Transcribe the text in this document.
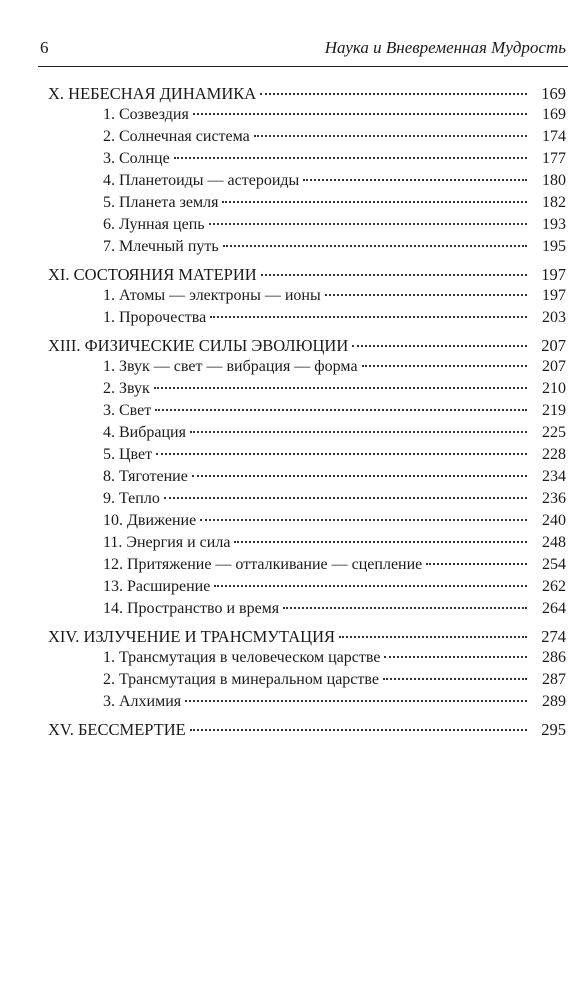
6	Наука и Вневременная Мудрость
X. НЕБЕСНАЯ ДИНАМИКА	169
1. Созвездия	169
2. Солнечная система	174
3. Солнце	177
4. Планетоиды — астероиды	180
5. Планета земля	182
6. Лунная цепь	193
7. Млечный путь	195
XI. СОСТОЯНИЯ МАТЕРИИ	197
1. Атомы — электроны — ионы	197
1. Пророчества	203
XIII. ФИЗИЧЕСКИЕ СИЛЫ ЭВОЛЮЦИИ	207
1. Звук — свет — вибрация — форма	207
2. Звук	210
3. Свет	219
4. Вибрация	225
5. Цвет	228
8. Тяготение	234
9. Тепло	236
10. Движение	240
11. Энергия и сила	248
12. Притяжение — отталкивание — сцепление	254
13. Расширение	262
14. Пространство и время	264
XIV. ИЗЛУЧЕНИЕ И ТРАНСМУТАЦИЯ	274
1. Трансмутация в человеческом царстве	286
2. Трансмутация в минеральном царстве	287
3. Алхимия	289
XV. БЕССМЕРТИЕ	295
